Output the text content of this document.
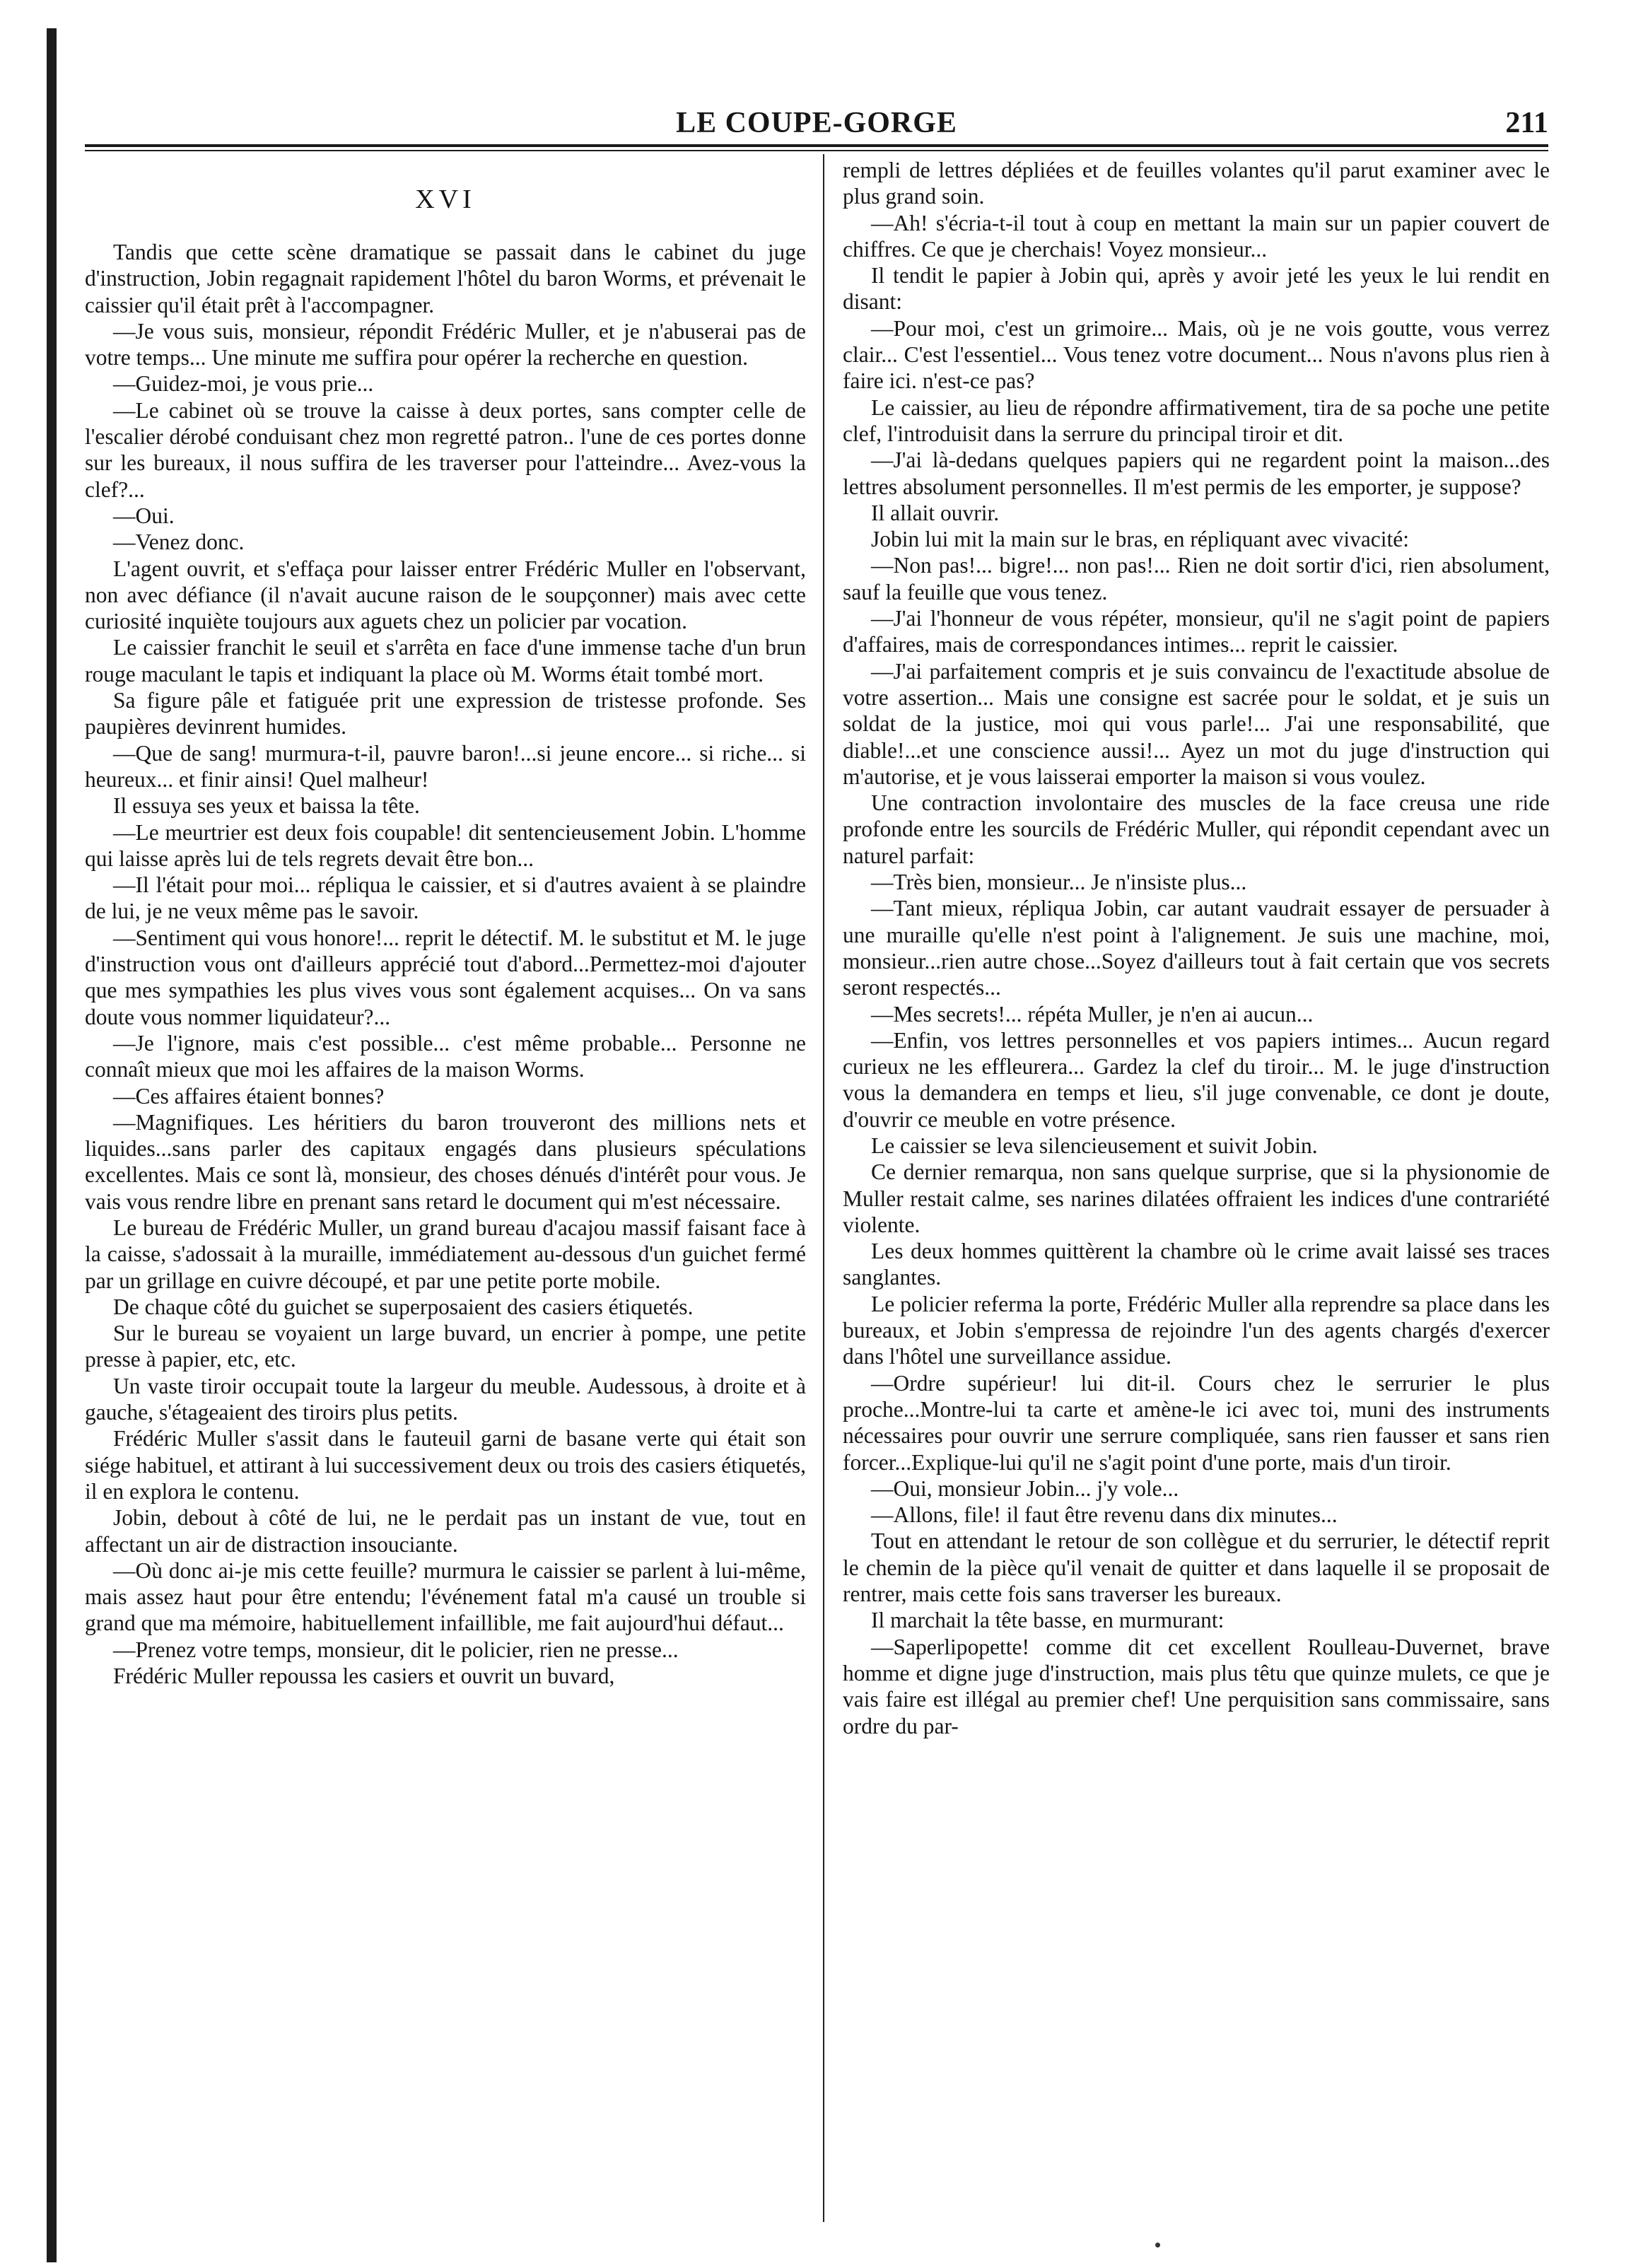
LE COUPE-GORGE	211
XVI

Tandis que cette scène dramatique se passait dans le cabinet du juge d'instruction, Jobin regagnait rapidement l'hôtel du baron Worms, et prévenait le caissier qu'il était prêt à l'accompagner.

—Je vous suis, monsieur, répondit Frédéric Muller, et je n'abuserai pas de votre temps... Une minute me suffira pour opérer la recherche en question.

—Guidez-moi, je vous prie...

—Le cabinet où se trouve la caisse à deux portes, sans compter celle de l'escalier dérobé conduisant chez mon regretté patron.. l'une de ces portes donne sur les bureaux, il nous suffira de les traverser pour l'atteindre... Avez-vous la clef?...

—Oui.

—Venez donc.

L'agent ouvrit, et s'effaça pour laisser entrer Frédéric Muller en l'observant, non avec défiance (il n'avait aucune raison de le soupçonner) mais avec cette curiosité inquiète toujours aux aguets chez un policier par vocation.

Le caissier franchit le seuil et s'arrêta en face d'une immense tache d'un brun rouge maculant le tapis et indiquant la place où M. Worms était tombé mort.

Sa figure pâle et fatiguée prit une expression de tristesse profonde. Ses paupières devinrent humides.

—Que de sang! murmura-t-il, pauvre baron!...si jeune encore... si riche... si heureux... et finir ainsi! Quel malheur!

Il essuya ses yeux et baissa la tête.

—Le meurtrier est deux fois coupable! dit sentencieusement Jobin. L'homme qui laisse après lui de tels regrets devait être bon...

—Il l'était pour moi... répliqua le caissier, et si d'autres avaient à se plaindre de lui, je ne veux même pas le savoir.

—Sentiment qui vous honore!... reprit le détectif. M. le substitut et M. le juge d'instruction vous ont d'ailleurs apprécié tout d'abord...Permettez-moi d'ajouter que mes sympathies les plus vives vous sont également acquises... On va sans doute vous nommer liquidateur?...

—Je l'ignore, mais c'est possible... c'est même probable... Personne ne connaît mieux que moi les affaires de la maison Worms.

—Ces affaires étaient bonnes?

—Magnifiques. Les héritiers du baron trouveront des millions nets et liquides...sans parler des capitaux engagés dans plusieurs spéculations excellentes. Mais ce sont là, monsieur, des choses dénués d'intérêt pour vous. Je vais vous rendre libre en prenant sans retard le document qui m'est nécessaire.

Le bureau de Frédéric Muller, un grand bureau d'acajou massif faisant face à la caisse, s'adossait à la muraille, immédiatement au-dessous d'un guichet fermé par un grillage en cuivre découpé, et par une petite porte mobile.

De chaque côté du guichet se superposaient des casiers étiquetés.

Sur le bureau se voyaient un large buvard, un encrier à pompe, une petite presse à papier, etc, etc.

Un vaste tiroir occupait toute la largeur du meuble. Audessous, à droite et à gauche, s'étageaient des tiroirs plus petits.

Frédéric Muller s'assit dans le fauteuil garni de basane verte qui était son siége habituel, et attirant à lui successivement deux ou trois des casiers étiquetés, il en explora le contenu.

Jobin, debout à côté de lui, ne le perdait pas un instant de vue, tout en affectant un air de distraction insouciante.

—Où donc ai-je mis cette feuille? murmura le caissier se parlent à lui-même, mais assez haut pour être entendu; l'événement fatal m'a causé un trouble si grand que ma mémoire, habituellement infaillible, me fait aujourd'hui défaut...

—Prenez votre temps, monsieur, dit le policier, rien ne presse...

Frédéric Muller repoussa les casiers et ouvrit un buvard,

rempli de lettres dépliées et de feuilles volantes qu'il parut examiner avec le plus grand soin.

—Ah! s'écria-t-il tout à coup en mettant la main sur un papier couvert de chiffres. Ce que je cherchais! Voyez monsieur...

Il tendit le papier à Jobin qui, après y avoir jeté les yeux le lui rendit en disant:

—Pour moi, c'est un grimoire... Mais, où je ne vois goutte, vous verrez clair... C'est l'essentiel... Vous tenez votre document... Nous n'avons plus rien à faire ici. n'est-ce pas?

Le caissier, au lieu de répondre affirmativement, tira de sa poche une petite clef, l'introduisit dans la serrure du principal tiroir et dit.

—J'ai là-dedans quelques papiers qui ne regardent point la maison...des lettres absolument personnelles. Il m'est permis de les emporter, je suppose?

Il allait ouvrir.

Jobin lui mit la main sur le bras, en répliquant avec vivacité:

—Non pas!... bigre!... non pas!... Rien ne doit sortir d'ici, rien absolument, sauf la feuille que vous tenez.

—J'ai l'honneur de vous répéter, monsieur, qu'il ne s'agit point de papiers d'affaires, mais de correspondances intimes... reprit le caissier.

—J'ai parfaitement compris et je suis convaincu de l'exactitude absolue de votre assertion... Mais une consigne est sacrée pour le soldat, et je suis un soldat de la justice, moi qui vous parle!... J'ai une responsabilité, que diable!...et une conscience aussi!... Ayez un mot du juge d'instruction qui m'autorise, et je vous laisserai emporter la maison si vous voulez.

Une contraction involontaire des muscles de la face creusa une ride profonde entre les sourcils de Frédéric Muller, qui répondit cependant avec un naturel parfait:

—Très bien, monsieur... Je n'insiste plus...

—Tant mieux, répliqua Jobin, car autant vaudrait essayer de persuader à une muraille qu'elle n'est point à l'alignement. Je suis une machine, moi, monsieur...rien autre chose...Soyez d'ailleurs tout à fait certain que vos secrets seront respectés...

—Mes secrets!... répéta Muller, je n'en ai aucun...

—Enfin, vos lettres personnelles et vos papiers intimes... Aucun regard curieux ne les effleurera... Gardez la clef du tiroir... M. le juge d'instruction vous la demandera en temps et lieu, s'il juge convenable, ce dont je doute, d'ouvrir ce meuble en votre présence.

Le caissier se leva silencieusement et suivit Jobin.

Ce dernier remarqua, non sans quelque surprise, que si la physionomie de Muller restait calme, ses narines dilatées offraient les indices d'une contrariété violente.

Les deux hommes quittèrent la chambre où le crime avait laissé ses traces sanglantes.

Le policier referma la porte, Frédéric Muller alla reprendre sa place dans les bureaux, et Jobin s'empressa de rejoindre l'un des agents chargés d'exercer dans l'hôtel une surveillance assidue.

—Ordre supérieur! lui dit-il. Cours chez le serrurier le plus proche...Montre-lui ta carte et amène-le ici avec toi, muni des instruments nécessaires pour ouvrir une serrure compliquée, sans rien fausser et sans rien forcer...Explique-lui qu'il ne s'agit point d'une porte, mais d'un tiroir.

—Oui, monsieur Jobin... j'y vole...

—Allons, file! il faut être revenu dans dix minutes...

Tout en attendant le retour de son collègue et du serrurier, le détectif reprit le chemin de la pièce qu'il venait de quitter et dans laquelle il se proposait de rentrer, mais cette fois sans traverser les bureaux.

Il marchait la tête basse, en murmurant:

—Saperlipopette! comme dit cet excellent Roulleau-Duvernet, brave homme et digne juge d'instruction, mais plus têtu que quinze mulets, ce que je vais faire est illégal au premier chef! Une perquisition sans commissaire, sans ordre du par-
